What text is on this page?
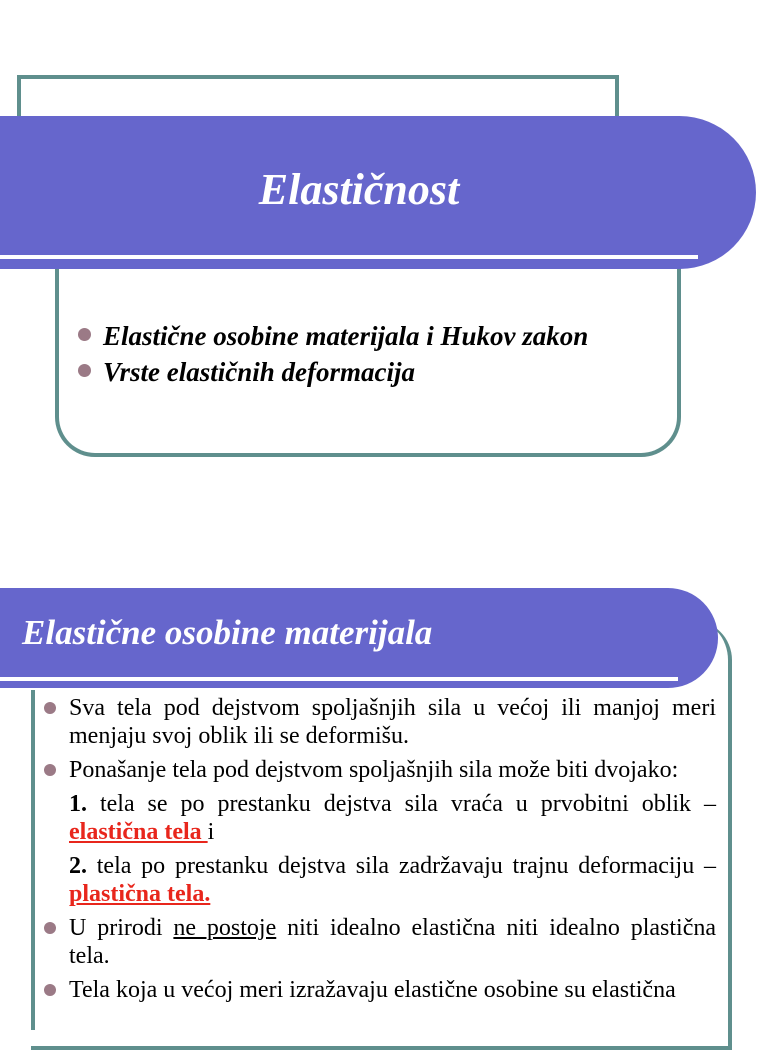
Elastičnost
Elastične osobine materijala i Hukov zakon
Vrste elastičnih deformacija
Elastične osobine materijala
Sva tela pod dejstvom spoljašnjih sila u većoj ili manjoj meri menjaju svoj oblik ili se deformišu.
Ponašanje tela pod dejstvom spoljašnjih sila može biti dvojako:
1. tela se po prestanku dejstva sila vraća u prvobitni oblik – elastična tela i
2. tela po prestanku dejstva sila zadržavaju trajnu deformaciju – plastična tela.
U prirodi ne postoje niti idealno elastična niti idealno plastična tela.
Tela koja u većoj meri izražavaju elastične osobine su elastična
